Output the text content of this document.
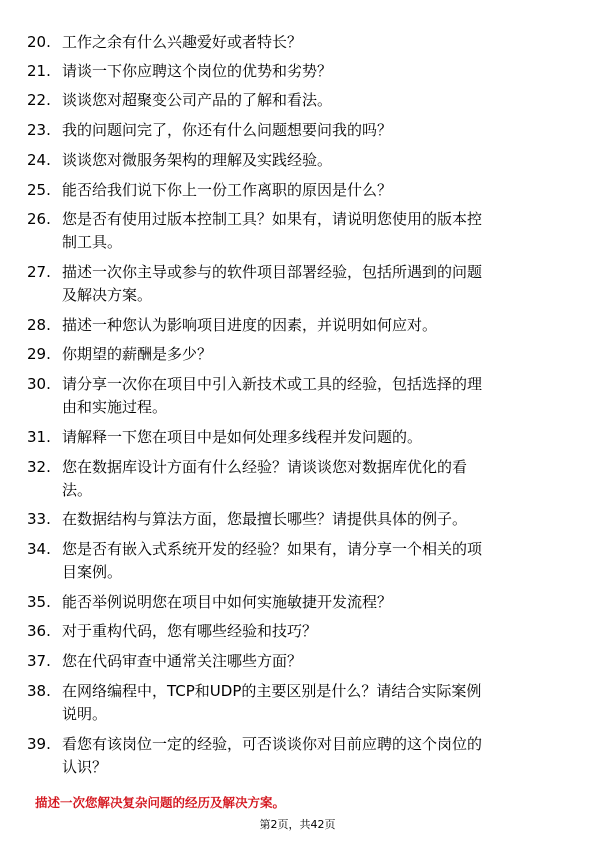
20. 工作之余有什么兴趣爱好或者特长？
21. 请谈一下你应聘这个岗位的优势和劣势？
22. 谈谈您对超聚变公司产品的了解和看法。
23. 我的问题问完了，你还有什么问题想要问我的吗？
24. 谈谈您对微服务架构的理解及实践经验。
25. 能否给我们说下你上一份工作离职的原因是什么？
26. 您是否有使用过版本控制工具？如果有，请说明您使用的版本控
制工具。
27. 描述一次你主导或参与的软件项目部署经验，包括所遇到的问题
及解决方案。
28. 描述一种您认为影响项目进度的因素，并说明如何应对。
29. 你期望的薪酬是多少？
30. 请分享一次你在项目中引入新技术或工具的经验，包括选择的理
由和实施过程。
31. 请解释一下您在项目中是如何处理多线程并发问题的。
32. 您在数据库设计方面有什么经验？请谈谈您对数据库优化的看
法。
33. 在数据结构与算法方面，您最擅长哪些？请提供具体的例子。
34. 您是否有嵌入式系统开发的经验？如果有，请分享一个相关的项
目案例。
35. 能否举例说明您在项目中如何实施敏捷开发流程？
36. 对于重构代码，您有哪些经验和技巧？
37. 您在代码审查中通常关注哪些方面？
38. 在网络编程中，TCP和UDP的主要区别是什么？请结合实际案例
说明。
39. 看您有该岗位一定的经验，可否谈谈你对目前应聘的这个岗位的
认识？
描述一次您解决复杂问题的经历及解决方案。
第2页，共42页
